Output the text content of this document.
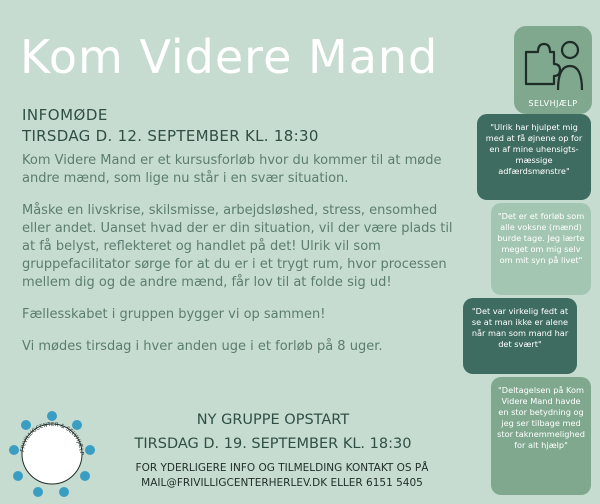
Kom Videre Mand
INFOMØDE
TIRSDAG D. 12. SEPTEMBER KL. 18:30

Kom Videre Mand er et kursusforløb hvor du kommer til at møde andre mænd, som lige nu står i en svær situation.

Måske en livskrise, skilsmisse, arbejdsløshed, stress, ensomhed eller andet. Uanset hvad der er din situation, vil der være plads til at få belyst, reflekteret og handlet på det! Ulrik vil som gruppefacilitator sørge for at du er i et trygt rum, hvor processen mellem dig og de andre mænd, får lov til at folde sig ud!

Fællesskabet i gruppen bygger vi op sammen!

Vi mødes tirsdag i hver anden uge i et forløb på 8 uger.

NY GRUPPE OPSTART
TIRSDAG D. 19. SEPTEMBER KL. 18:30
FOR YDERLIGERE INFO OG TILMELDING KONTAKT OS PÅ
MAIL@FRIVILLIGCENTERHERLEV.DK ELLER 6151 5405
FRIVILLIGCENTER & SELVHJÆLP
SELVHJÆLP
"Ulrik har hjulpet mig med at få øjnene op for en af mine uhensigts-mæssige adfærdsmønstre"
"Det er et forløb som alle voksne (mænd) burde tage. Jeg lærte meget om mig selv om mit syn på livet"
"Det var virkelig fedt at se at man ikke er alene når man som mand har det svært"
"Deltagelsen på Kom Videre Mand havde en stor betydning og jeg ser tilbage med stor taknemmelighed for alt hjælp"
